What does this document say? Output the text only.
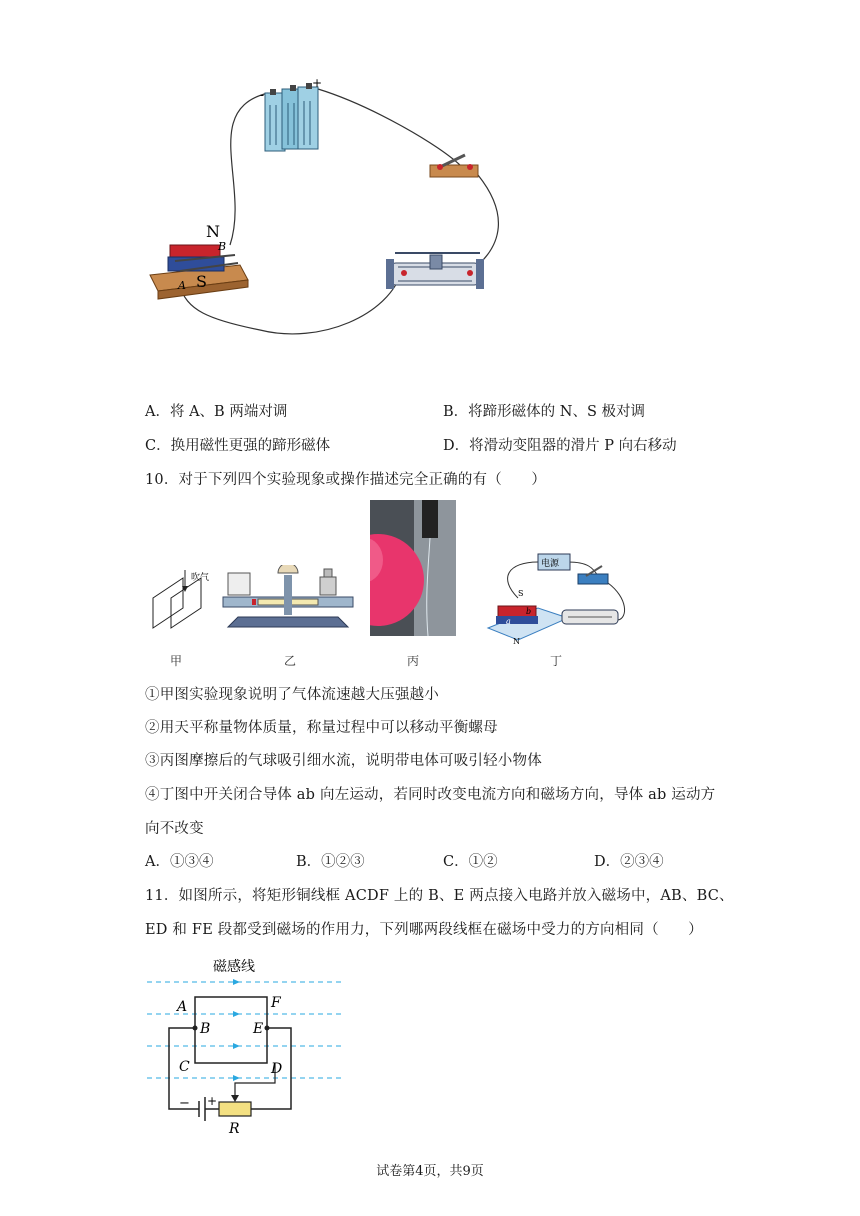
-
+
N
B
A S
A．将 A、B 两端对调	B．将蹄形磁体的 N、S 极对调
C．换用磁性更强的蹄形磁体	D．将滑动变阻器的滑片 P 向右移动
10．对于下列四个实验现象或操作描述完全正确的有（　　）
吹气
电源
S
b
a
N
甲	乙	丙	丁
①甲图实验现象说明了气体流速越大压强越小
②用天平称量物体质量，称量过程中可以移动平衡螺母
③丙图摩擦后的气球吸引细水流，说明带电体可吸引轻小物体
④丁图中开关闭合导体 ab 向左运动，若同时改变电流方向和磁场方向，导体 ab 运动方
向不改变
A．①③④	B．①②③	C．①②	D．②③④
11．如图所示，将矩形铜线框 ACDF 上的 B、E 两点接入电路并放入磁场中，AB、BC、
ED 和 FE 段都受到磁场的作用力，下列哪两段线框在磁场中受力的方向相同（　　）
磁感线
A	F
B	E
C	D
− +
R
试卷第4页，共9页
